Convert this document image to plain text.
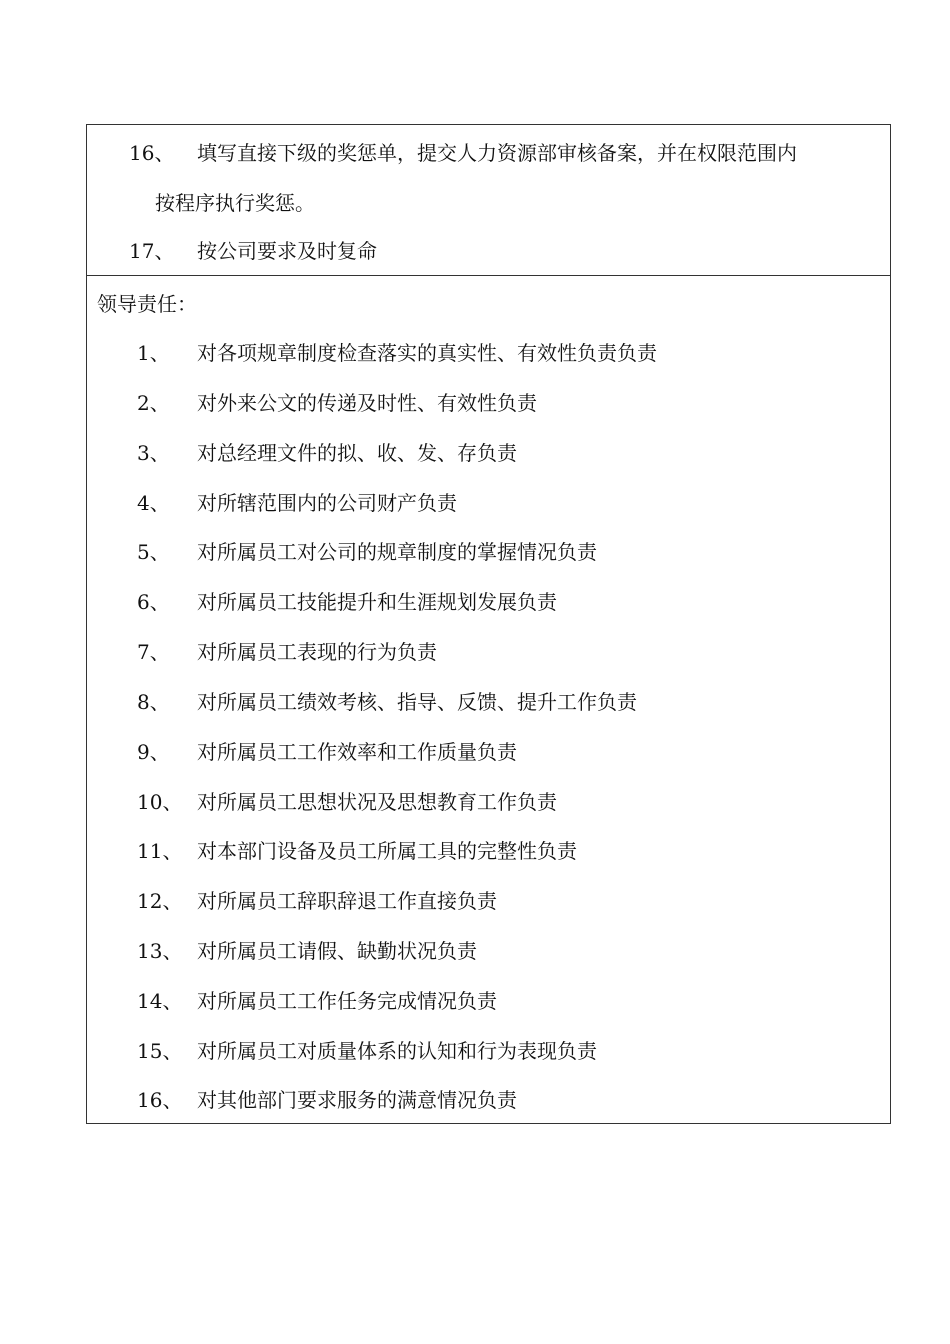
16、 填写直接下级的奖惩单，提交人力资源部审核备案，并在权限范围内
按程序执行奖惩。
17、 按公司要求及时复命
领导责任：
1、 对各项规章制度检查落实的真实性、有效性负责负责
2、 对外来公文的传递及时性、有效性负责
3、 对总经理文件的拟、收、发、存负责
4、 对所辖范围内的公司财产负责
5、 对所属员工对公司的规章制度的掌握情况负责
6、 对所属员工技能提升和生涯规划发展负责
7、 对所属员工表现的行为负责
8、 对所属员工绩效考核、指导、反馈、提升工作负责
9、 对所属员工工作效率和工作质量负责
10、 对所属员工思想状况及思想教育工作负责
11、 对本部门设备及员工所属工具的完整性负责
12、 对所属员工辞职辞退工作直接负责
13、 对所属员工请假、缺勤状况负责
14、 对所属员工工作任务完成情况负责
15、 对所属员工对质量体系的认知和行为表现负责
16、 对其他部门要求服务的满意情况负责
